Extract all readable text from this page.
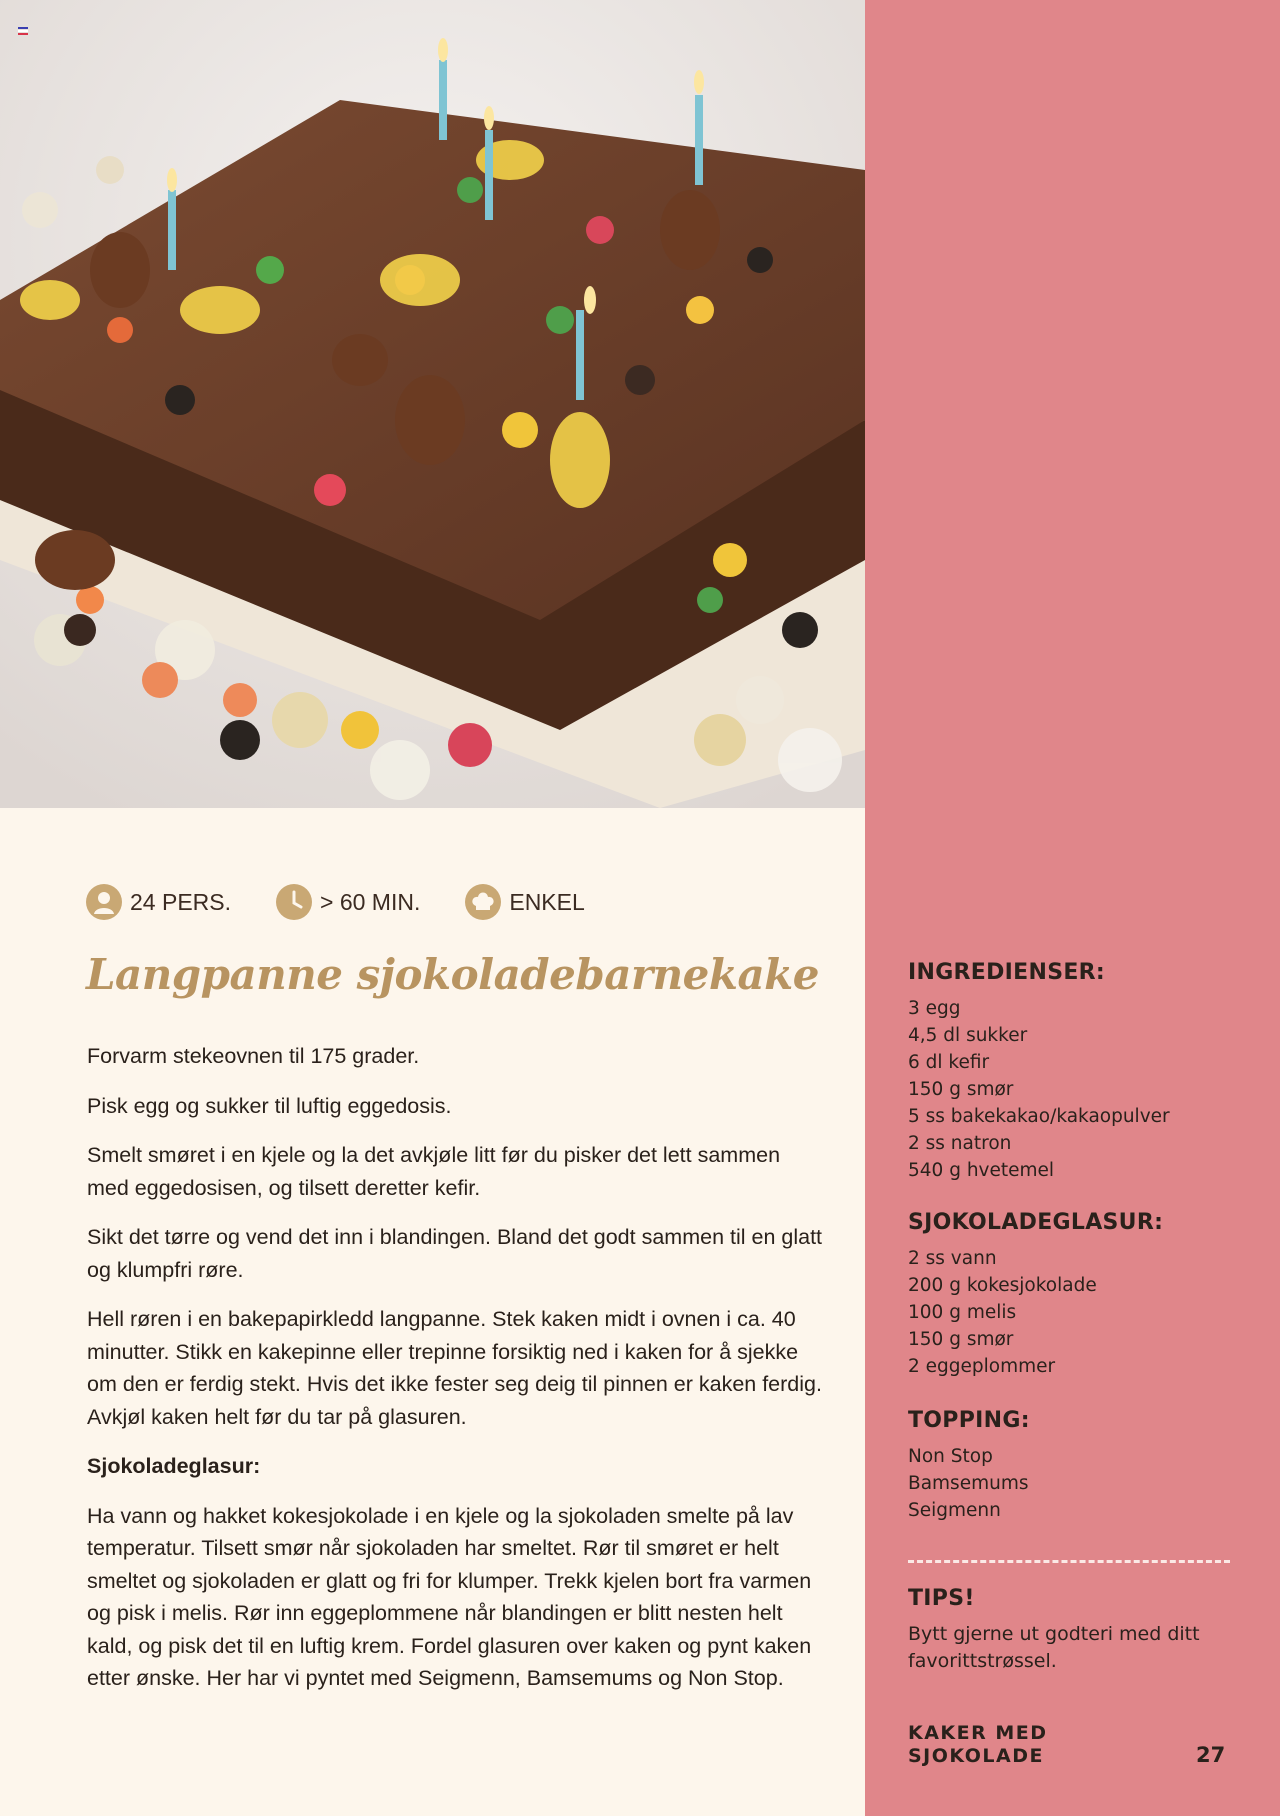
24 PERS.	> 60 MIN.	ENKEL
Langpanne sjokoladebarnekake

Forvarm stekeovnen til 175 grader.

Pisk egg og sukker til luftig eggedosis.

Smelt smøret i en kjele og la det avkjøle litt før du pisker det lett sammen med eggedosisen, og tilsett deretter kefir.

Sikt det tørre og vend det inn i blandingen. Bland det godt sammen til en glatt og klumpfri røre.

Hell røren i en bakepapirkledd langpanne. Stek kaken midt i ovnen i ca. 40 minutter. Stikk en kakepinne eller trepinne forsiktig ned i kaken for å sjekke om den er ferdig stekt. Hvis det ikke fester seg deig til pinnen er kaken ferdig. Avkjøl kaken helt før du tar på glasuren.

Sjokoladeglasur:

Ha vann og hakket kokesjokolade i en kjele og la sjokoladen smelte på lav temperatur. Tilsett smør når sjokoladen har smeltet. Rør til smøret er helt smeltet og sjokoladen er glatt og fri for klumper. Trekk kjelen bort fra varmen og pisk i melis. Rør inn eggeplommene når blandingen er blitt nesten helt kald, og pisk det til en luftig krem. Fordel glasuren over kaken og pynt kaken etter ønske. Her har vi pyntet med Seigmenn, Bamsemums og Non Stop.

INGREDIENSER:
3 egg
4,5 dl sukker
6 dl kefir
150 g smør
5 ss bakekakao/kakaopulver
2 ss natron
540 g hvetemel
SJOKOLADEGLASUR:
2 ss vann
200 g kokesjokolade
100 g melis
150 g smør
2 eggeplommer
TOPPING:
Non Stop
Bamsemums
Seigmenn
TIPS!
Bytt gjerne ut godteri med ditt favorittstrøssel.
KAKER MED
SJOKOLADE	27
